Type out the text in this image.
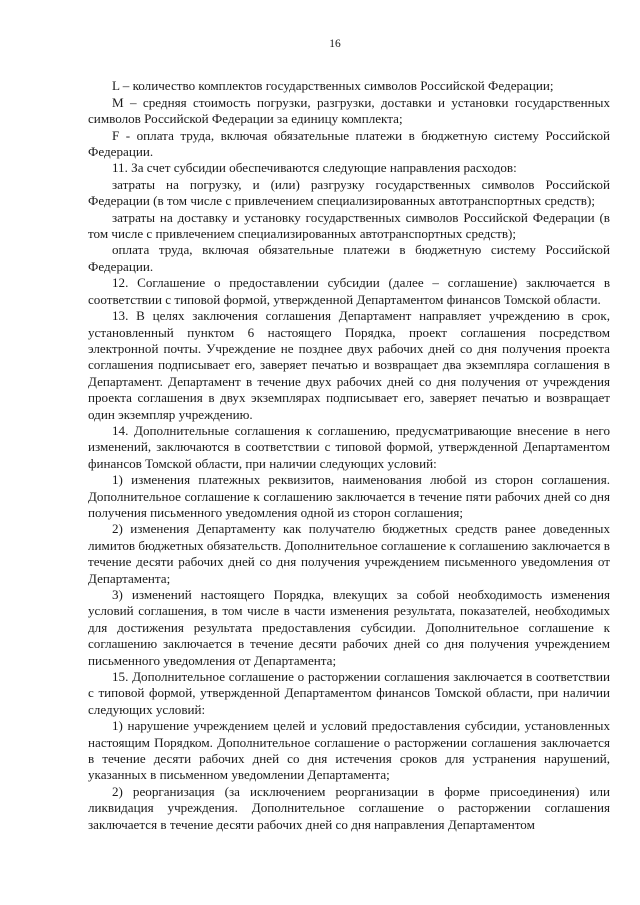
16

L – количество комплектов государственных символов Российской Федерации;

M – средняя стоимость погрузки, разгрузки, доставки и установки государственных символов Российской Федерации за единицу комплекта;

F - оплата труда, включая обязательные платежи в бюджетную систему Российской Федерации.

11. За счет субсидии обеспечиваются следующие направления расходов:

затраты на погрузку, и (или) разгрузку государственных символов Российской Федерации (в том числе с привлечением специализированных автотранспортных средств);

затраты на доставку и установку государственных символов Российской Федерации (в том числе с привлечением специализированных автотранспортных средств);

оплата труда, включая обязательные платежи в бюджетную систему Российской Федерации.

12. Соглашение о предоставлении субсидии (далее – соглашение) заключается в соответствии с типовой формой, утвержденной Департаментом финансов Томской области.

13. В целях заключения соглашения Департамент направляет учреждению в срок, установленный пунктом 6 настоящего Порядка, проект соглашения посредством электронной почты. Учреждение не позднее двух рабочих дней со дня получения проекта соглашения подписывает его, заверяет печатью и возвращает два экземпляра соглашения в Департамент. Департамент в течение двух рабочих дней со дня получения от учреждения проекта соглашения в двух экземплярах подписывает его, заверяет печатью и возвращает один экземпляр учреждению.

14. Дополнительные соглашения к соглашению, предусматривающие внесение в него изменений, заключаются в соответствии с типовой формой, утвержденной Департаментом финансов Томской области, при наличии следующих условий:

1) изменения платежных реквизитов, наименования любой из сторон соглашения. Дополнительное соглашение к соглашению заключается в течение пяти рабочих дней со дня получения письменного уведомления одной из сторон соглашения;

2) изменения Департаменту как получателю бюджетных средств ранее доведенных лимитов бюджетных обязательств. Дополнительное соглашение к соглашению заключается в течение десяти рабочих дней со дня получения учреждением письменного уведомления от Департамента;

3) изменений настоящего Порядка, влекущих за собой необходимость изменения условий соглашения, в том числе в части изменения результата, показателей, необходимых для достижения результата предоставления субсидии. Дополнительное соглашение к соглашению заключается в течение десяти рабочих дней со дня получения учреждением письменного уведомления от Департамента;

15. Дополнительное соглашение о расторжении соглашения заключается в соответствии с типовой формой, утвержденной Департаментом финансов Томской области, при наличии следующих условий:

1) нарушение учреждением целей и условий предоставления субсидии, установленных настоящим Порядком. Дополнительное соглашение о расторжении соглашения заключается в течение десяти рабочих дней со дня истечения сроков для устранения нарушений, указанных в письменном уведомлении Департамента;

2) реорганизация (за исключением реорганизации в форме присоединения) или ликвидация учреждения. Дополнительное соглашение о расторжении соглашения заключается в течение десяти рабочих дней со дня направления Департаментом
